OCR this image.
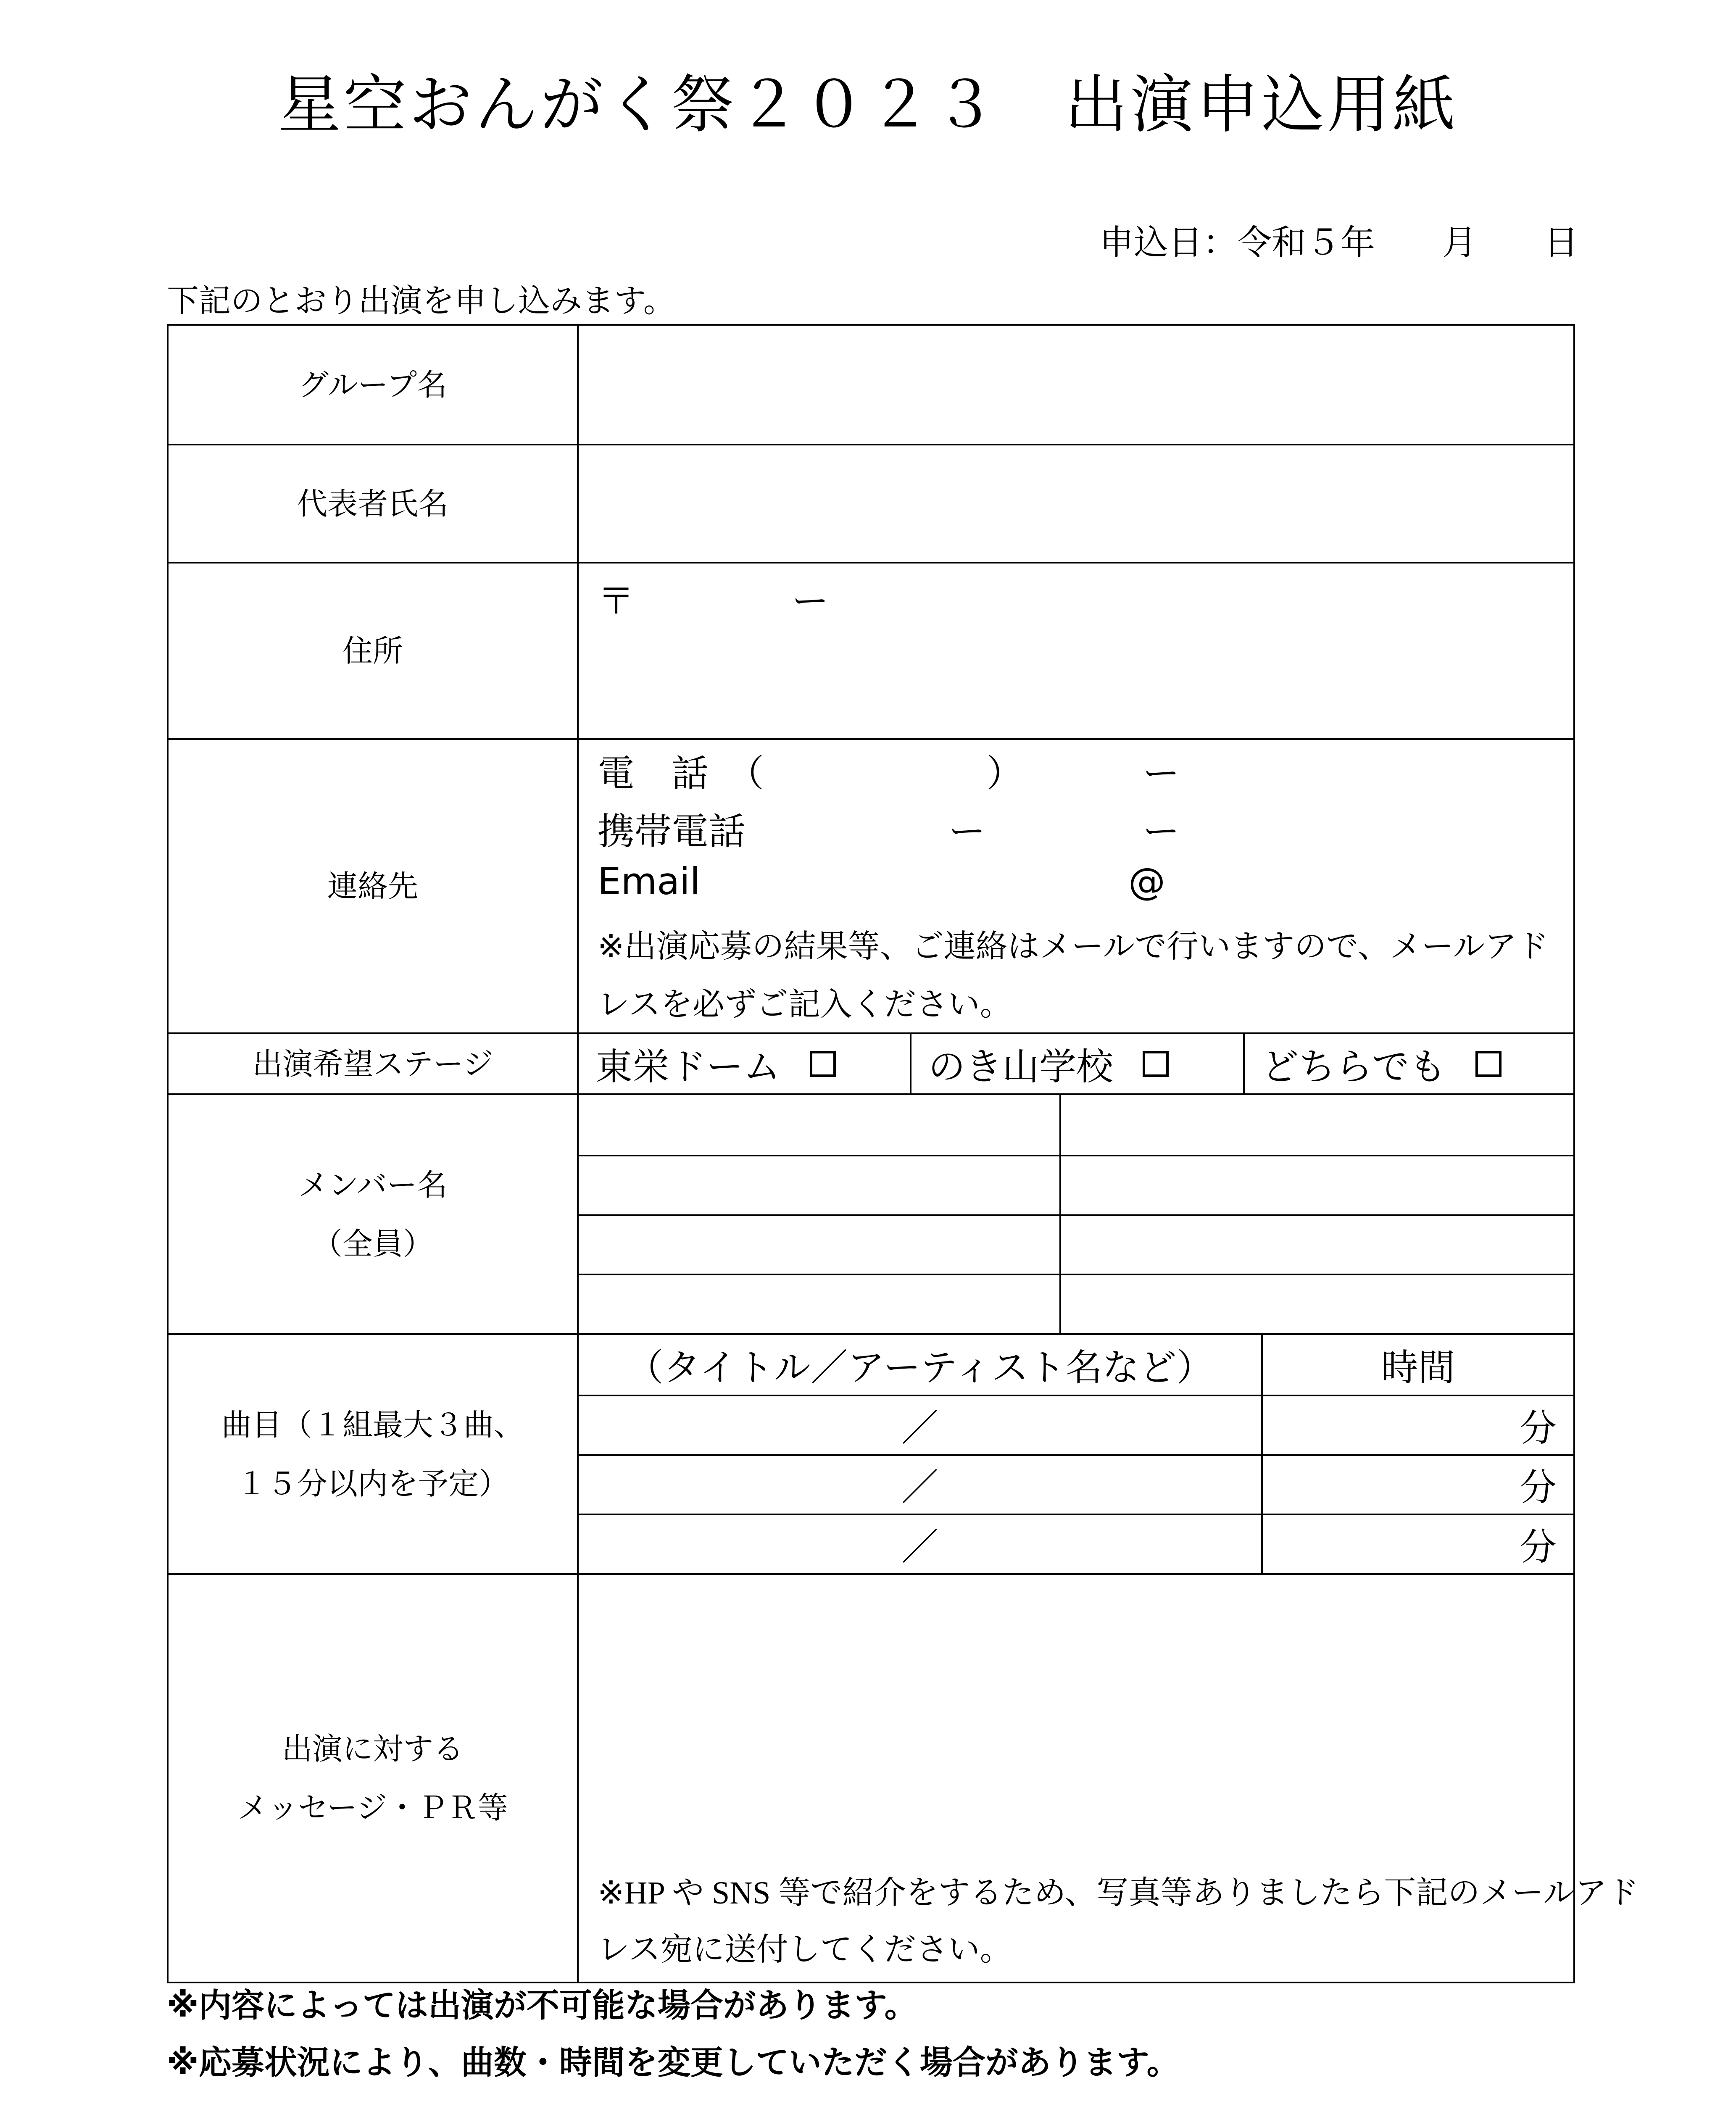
星空おんがく祭２０２３　出演申込用紙
申込日：令和５年 月 日
下記のとおり出演を申し込みます。
グループ名
代表者氏名
住所
〒	ー
連絡先
電　話　（	）	ー
携帯電話	ー	ー
Email	@
※出演応募の結果等、ご連絡はメールで行いますので、メールアド
レスを必ずご記入ください。
出演希望ステージ	東栄ドーム	のき山学校	どちらでも
メンバー名
（全員）
曲目（１組最大３曲、
１５分以内を予定）
（タイトル／アーティスト名など）	時間
／	分
／	分
／	分
出演に対する
メッセージ・ＰＲ等
※HP や SNS 等で紹介をするため、写真等ありましたら下記のメールアド
レス宛に送付してください。
※内容によっては出演が不可能な場合があります。
※応募状況により、曲数・時間を変更していただく場合があります。
